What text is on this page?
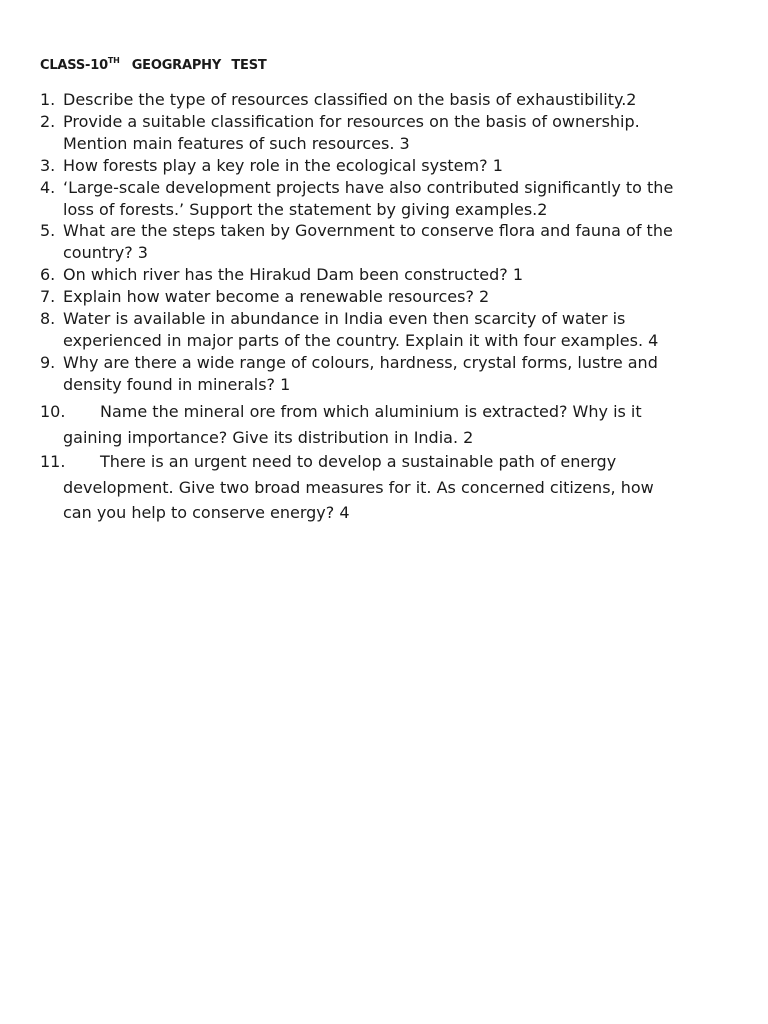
CLASS-10TH GEOGRAPHY TEST
1. Describe the type of resources classified on the basis of exhaustibility.2
2. Provide a suitable classification for resources on the basis of ownership.
Mention main features of such resources. 3
3. How forests play a key role in the ecological system? 1
4. ‘Large-scale development projects have also contributed significantly to the
loss of forests.’ Support the statement by giving examples.2
5. What are the steps taken by Government to conserve flora and fauna of the
country? 3
6. On which river has the Hirakud Dam been constructed? 1
7. Explain how water become a renewable resources? 2
8. Water is available in abundance in India even then scarcity of water is
experienced in major parts of the country. Explain it with four examples. 4
9. Why are there a wide range of colours, hardness, crystal forms, lustre and
density found in minerals? 1
10.	Name the mineral ore from which aluminium is extracted? Why is it
gaining importance? Give its distribution in India. 2
11.	There is an urgent need to develop a sustainable path of energy
development. Give two broad measures for it. As concerned citizens, how
can you help to conserve energy? 4
